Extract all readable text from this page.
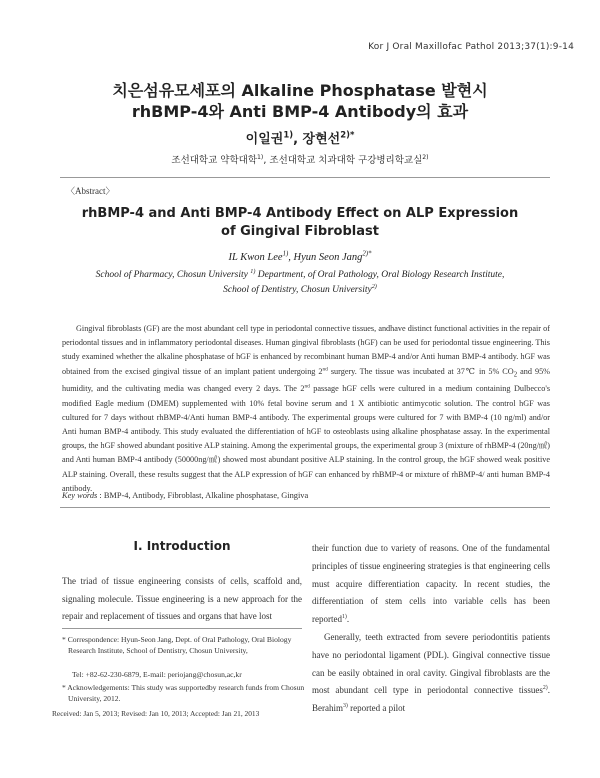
Kor J Oral Maxillofac Pathol 2013;37(1):9-14
치은섬유모세포의 Alkaline Phosphatase 발현시
rhBMP-4와 Anti BMP-4 Antibody의 효과
이일권$^{1)}$, 장현선$^{2)*}$
조선대학교 약학대학$^{1)}$, 조선대학교 치과대학 구강병리학교실$^{2)}$
〈Abstract〉
rhBMP-4 and Anti BMP-4 Antibody Effect on ALP Expression
of Gingival Fibroblast
IL Kwon Lee$^{1)}$, Hyun Seon Jang$^{2)*}$
School of Pharmacy, Chosun University $^{1)}$ Department, of Oral Pathology, Oral Biology Research Institute,
School of Dentistry, Chosun University$^{2)}$
Gingival fibroblasts (GF) are the most abundant cell type in periodontal connective tissues, andhave distinct functional activities in the repair of periodontal tissues and in inflammatory periodontal diseases. Human gingival fibroblasts (hGF) can be used for periodontal tissue engineering. This study examined whether the alkaline phosphatase of hGF is enhanced by recombinant human BMP-4 and/or Anti human BMP-4 antibody. hGF was obtained from the excised gingival tissue of an implant patient undergoing 2nd surgery. The tissue was incubated at 37℃ in 5% $CO_2$ and 95% humidity, and the cultivating media was changed every 2 days. The 2nd passage hGF cells were cultured in a medium containing Dulbecco's modified Eagle medium (DMEM) supplemented with 10% fetal bovine serum and 1 X antibiotic antimycotic solution. The control hGF was cultured for 7 days without rhBMP-4/Anti human BMP-4 antibody. The experimental groups were cultured for 7 with BMP-4 (10 ng/ml) and/or Anti human BMP-4 antibody. This study evaluated the differentiation of hGF to osteoblasts using alkaline phosphatase assay. In the experimental groups, the hGF showed abundant positive ALP staining. Among the experimental groups, the experimental group 3 (mixture of rhBMP-4 (20ng/㎖) and Anti human BMP-4 antibody (50000ng/㎖) showed most abundant positive ALP staining. In the control group, the hGF showed weak positive ALP staining. Overall, these results suggest that the ALP expression of hGF can enhanced by rhBMP-4 or mixture of rhBMP-4/ anti human BMP-4 antibody.
Key words : BMP-4, Antibody, Fibroblast, Alkaline phosphatase, Gingiva
Ⅰ. Introduction
The triad of tissue engineering consists of cells, scaffold and, signaling molecule. Tissue engineering is a new approach for the repair and replacement of tissues and organs that have lost
* Correspondence: Hyun-Seon Jang, Dept. of Oral Pathology, Oral Biology Research Institute, School of Dentistry, Chosun University,
Tel: +82-62-230-6879, E-mail: periojang@chosun,ac,kr
* Acknowledgements: This study was supportedby research funds from Chosun University, 2012.
Received: Jan 5, 2013; Revised: Jan 10, 2013; Accepted: Jan 21, 2013

their function due to variety of reasons. One of the fundamental principles of tissue engineering strategies is that engineering cells must acquire differentiation capacity. In recent studies, the differentiation of stem cells into variable cells has been reported$^{1)}$.

Generally, teeth extracted from severe periodontitis patients have no periodontal ligament (PDL). Gingival connective tissue can be easily obtained in oral cavity. Gingival fibroblasts are the most abundant cell type in periodontal connective tissues$^{2)}$. Berahim$^{3)}$ reported a pilot
